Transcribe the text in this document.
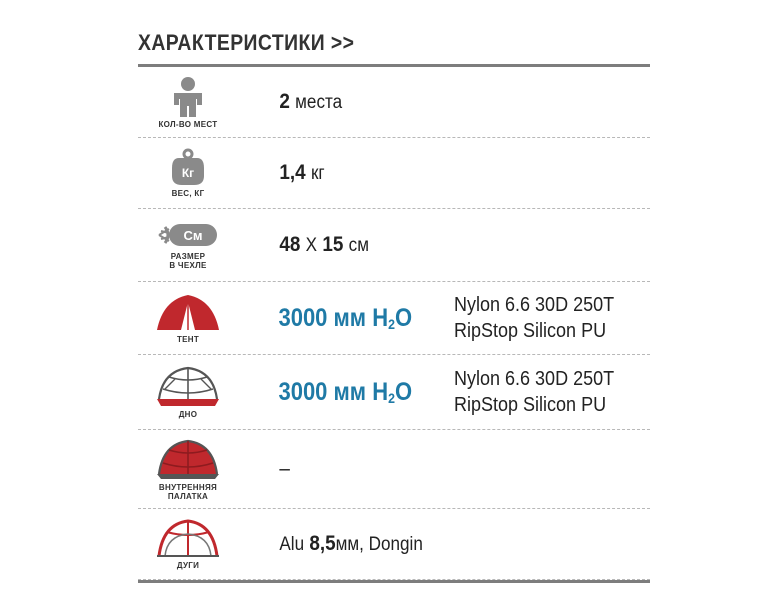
ХАРАКТЕРИСТИКИ >>
КОЛ-ВО МЕСТ
2 места
Кг
ВЕС, КГ
1,4 кг
См
РАЗМЕР
В ЧЕХЛЕ
48 Х 15 см
ТЕНТ
3000 мм $H_2O$	Nylon 6.6 30D 250T
RipStop Silicon PU
ДНО
3000 мм $H_2O$	Nylon 6.6 30D 250T
RipStop Silicon PU
ВНУТРЕННЯЯ
ПАЛАТКА
–
ДУГИ
Alu 8,5мм, Dongin
